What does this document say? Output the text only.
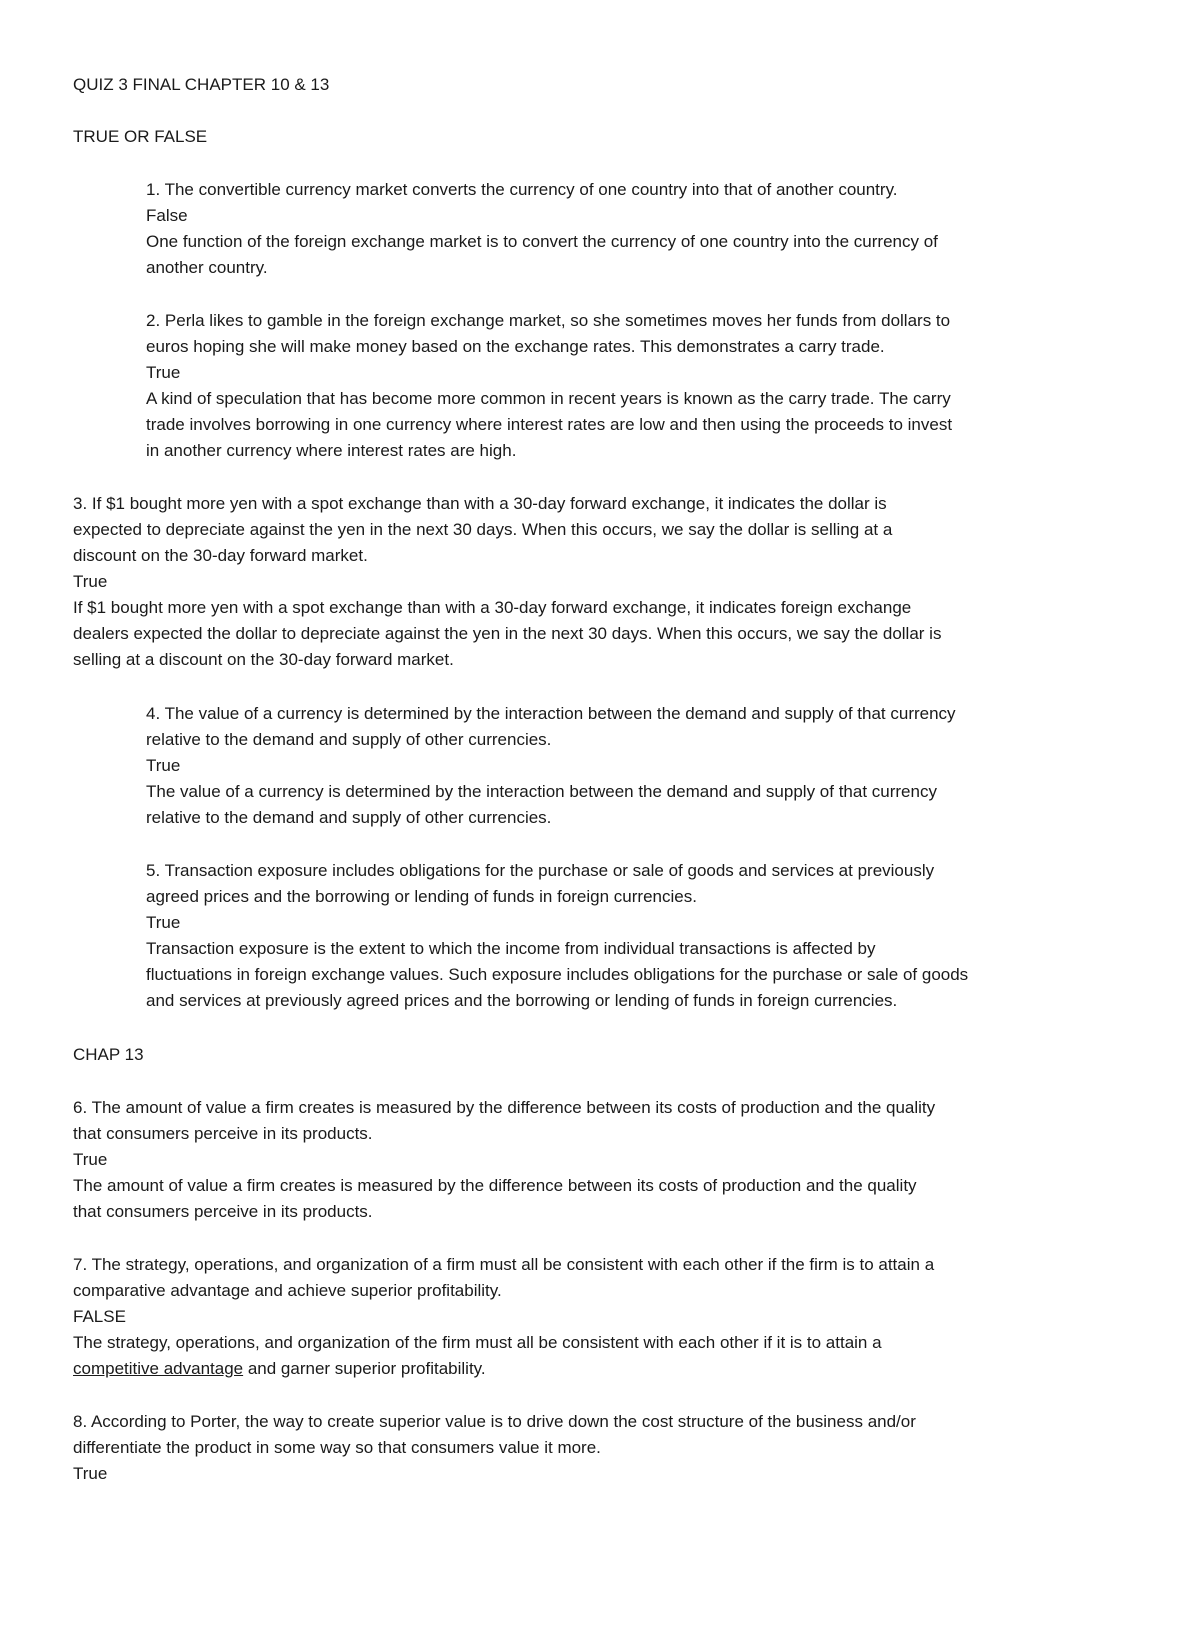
QUIZ 3 FINAL CHAPTER 10 & 13
TRUE OR FALSE
1. The convertible currency market converts the currency of one country into that of another country.
False
One function of the foreign exchange market is to convert the currency of one country into the currency of
another country.
2. Perla likes to gamble in the foreign exchange market, so she sometimes moves her funds from dollars to
euros hoping she will make money based on the exchange rates. This demonstrates a carry trade.
True
A kind of speculation that has become more common in recent years is known as the carry trade. The carry
trade involves borrowing in one currency where interest rates are low and then using the proceeds to invest
in another currency where interest rates are high.
3. If $1 bought more yen with a spot exchange than with a 30-day forward exchange, it indicates the dollar is
expected to depreciate against the yen in the next 30 days. When this occurs, we say the dollar is selling at a
discount on the 30-day forward market.
True
If $1 bought more yen with a spot exchange than with a 30-day forward exchange, it indicates foreign exchange
dealers expected the dollar to depreciate against the yen in the next 30 days. When this occurs, we say the dollar is
selling at a discount on the 30-day forward market.
4. The value of a currency is determined by the interaction between the demand and supply of that currency
relative to the demand and supply of other currencies.
True
The value of a currency is determined by the interaction between the demand and supply of that currency
relative to the demand and supply of other currencies.
5. Transaction exposure includes obligations for the purchase or sale of goods and services at previously
agreed prices and the borrowing or lending of funds in foreign currencies.
True
Transaction exposure is the extent to which the income from individual transactions is affected by
fluctuations in foreign exchange values. Such exposure includes obligations for the purchase or sale of goods
and services at previously agreed prices and the borrowing or lending of funds in foreign currencies.
CHAP 13
6. The amount of value a firm creates is measured by the difference between its costs of production and the quality
that consumers perceive in its products.
True
The amount of value a firm creates is measured by the difference between its costs of production and the quality
that consumers perceive in its products.
7. The strategy, operations, and organization of a firm must all be consistent with each other if the firm is to attain a
comparative advantage and achieve superior profitability.
FALSE
The strategy, operations, and organization of the firm must all be consistent with each other if it is to attain a
competitive advantage and garner superior profitability.
8. According to Porter, the way to create superior value is to drive down the cost structure of the business and/or
differentiate the product in some way so that consumers value it more.
True
